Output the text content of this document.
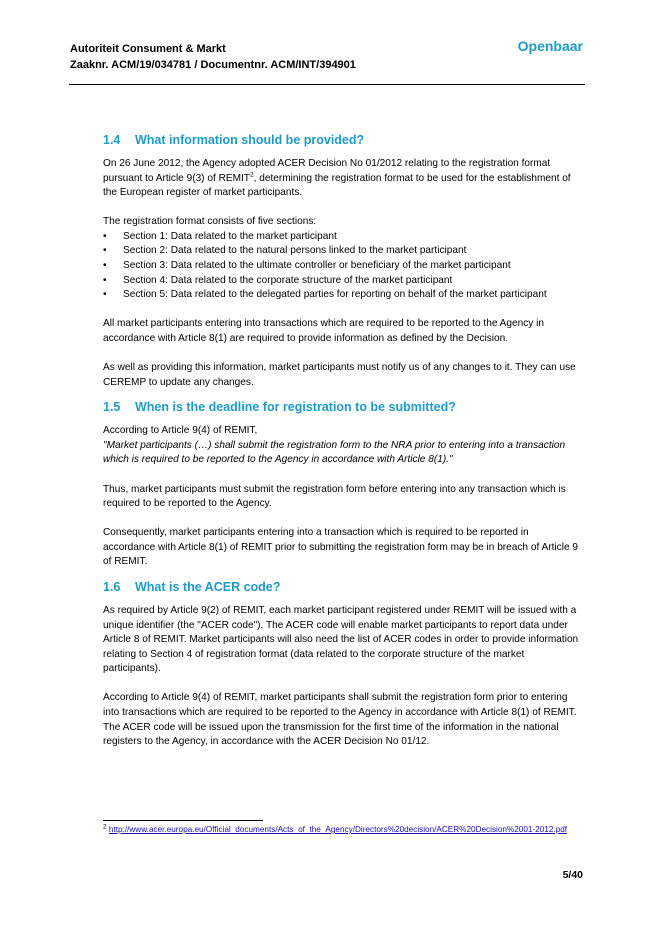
Autoriteit Consument & Markt
Zaaknr. ACM/19/034781 / Documentnr. ACM/INT/394901
Openbaar
1.4 What information should be provided?

On 26 June 2012, the Agency adopted ACER Decision No 01/2012 relating to the registration format pursuant to Article 9(3) of REMIT$^2$, determining the registration format to be used for the establishment of the European register of market participants.

The registration format consists of five sections:

• Section 1: Data related to the market participant
• Section 2: Data related to the natural persons linked to the market participant
• Section 3: Data related to the ultimate controller or beneficiary of the market participant
• Section 4: Data related to the corporate structure of the market participant
• Section 5: Data related to the delegated parties for reporting on behalf of the market participant

All market participants entering into transactions which are required to be reported to the Agency in accordance with Article 8(1) are required to provide information as defined by the Decision.

As well as providing this information, market participants must notify us of any changes to it. They can use CEREMP to update any changes.

1.5 When is the deadline for registration to be submitted?

According to Article 9(4) of REMIT,

"Market participants (…) shall submit the registration form to the NRA prior to entering into a transaction which is required to be reported to the Agency in accordance with Article 8(1)."

Thus, market participants must submit the registration form before entering into any transaction which is required to be reported to the Agency.

Consequently, market participants entering into a transaction which is required to be reported in accordance with Article 8(1) of REMIT prior to submitting the registration form may be in breach of Article 9 of REMIT.

1.6 What is the ACER code?

As required by Article 9(2) of REMIT, each market participant registered under REMIT will be issued with a unique identifier (the "ACER code"). The ACER code will enable market participants to report data under Article 8 of REMIT. Market participants will also need the list of ACER codes in order to provide information relating to Section 4 of registration format (data related to the corporate structure of the market participants).

According to Article 9(4) of REMIT, market participants shall submit the registration form prior to entering into transactions which are required to be reported to the Agency in accordance with Article 8(1) of REMIT. The ACER code will be issued upon the transmission for the first time of the information in the national registers to the Agency, in accordance with the ACER Decision No 01/12.

$^2$ http://www.acer.europa.eu/Official_documents/Acts_of_the_Agency/Directors%20decision/ACER%20Decision%2001-2012.pdf
5/40
